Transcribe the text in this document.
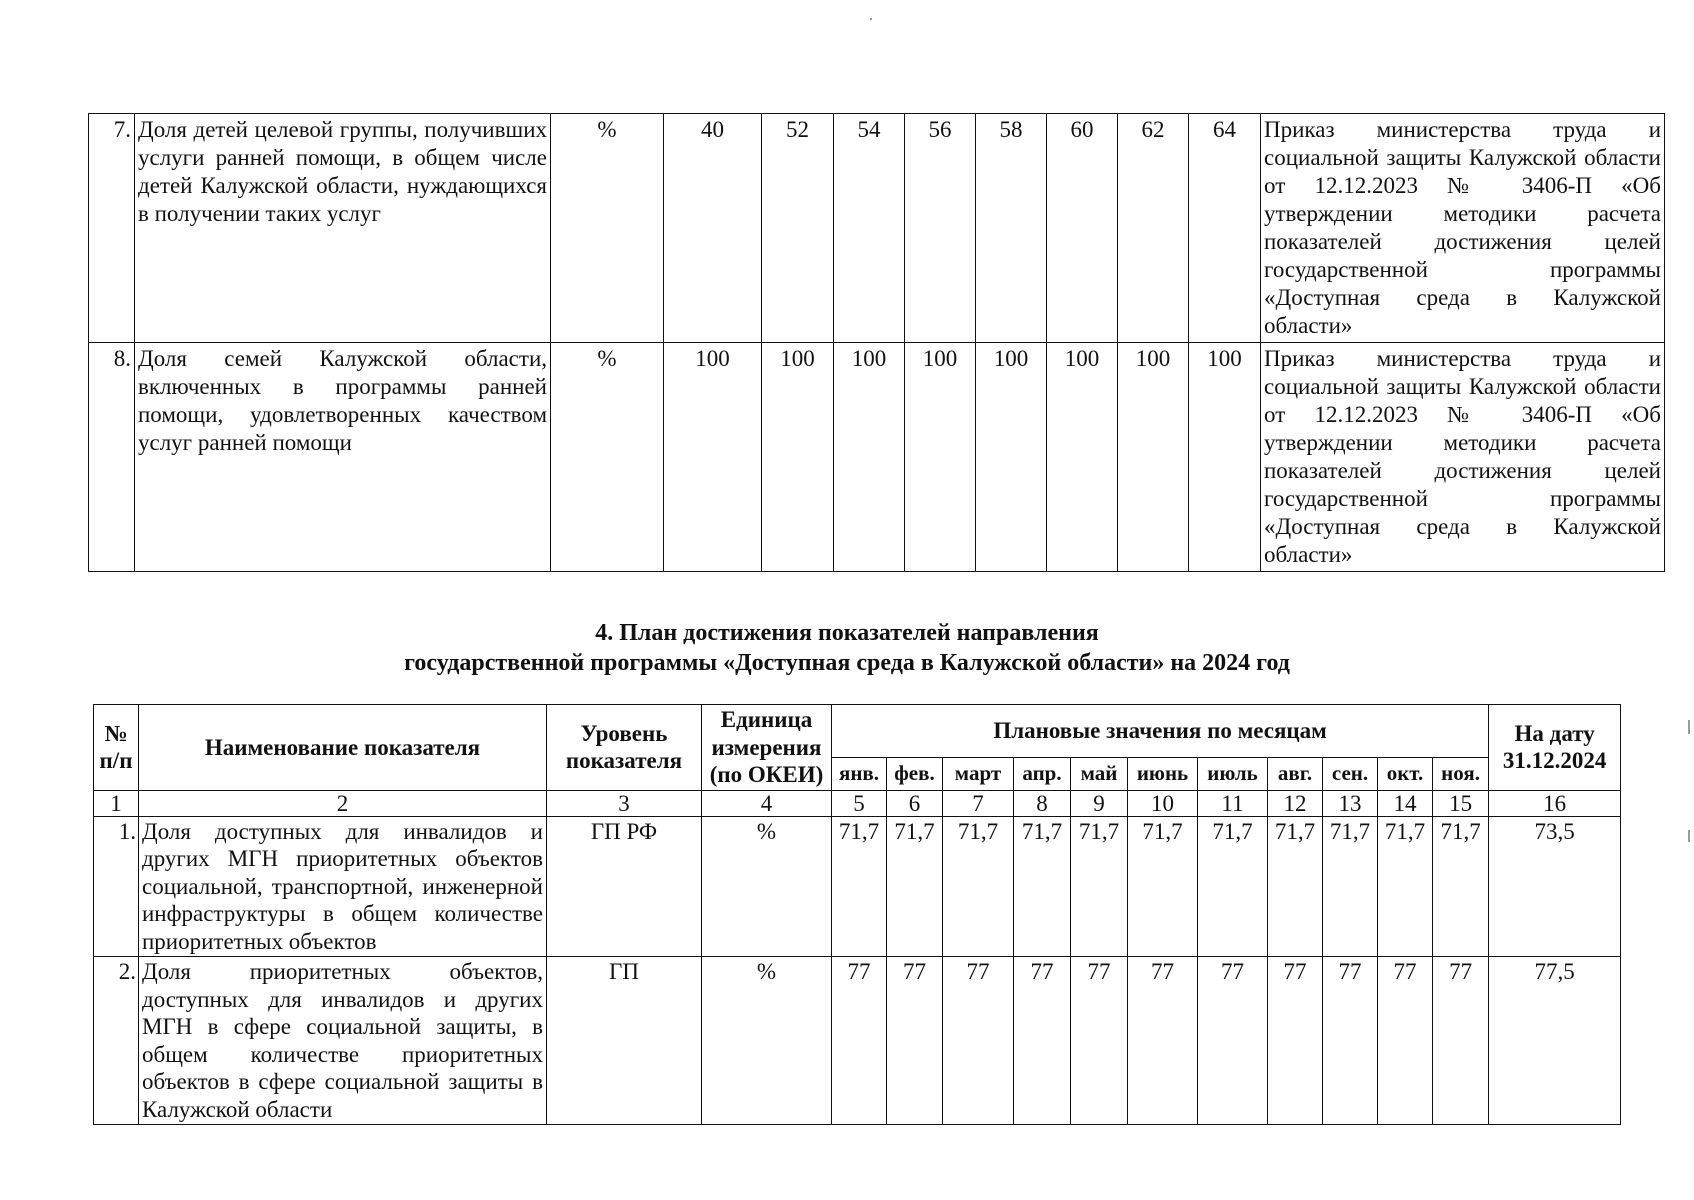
7.	Доля детей целевой группы, получивших услуги ранней помощи, в общем числе детей Калужской области, нуждающихся в получении таких услуг	%	40	52	54	56	58	60	62	64	Приказ министерства труда и социальной защиты Калужской области от 12.12.2023 № 3406-П «Об утверждении методики расчета показателей достижения целей государственной программы «Доступная среда в Калужской области»
8.	Доля семей Калужской области, включенных в программы ранней помощи, удовлетворенных качеством услуг ранней помощи	%	100	100	100	100	100	100	100	100	Приказ министерства труда и социальной защиты Калужской области от 12.12.2023 № 3406-П «Об утверждении методики расчета показателей достижения целей государственной программы «Доступная среда в Калужской области»
4. План достижения показателей направления
государственной программы «Доступная среда в Калужской области» на 2024 год
№ п/п	Наименование показателя	Уровень показателя	Единица измерения (по ОКЕИ)	Плановые значения по месяцам											На дату 31.12.2024
				янв.	фев.	март	апр.	май	июнь	июль	авг.	сен.	окт.	ноя.	
1	2	3	4	5	6	7	8	9	10	11	12	13	14	15	16
1.	Доля доступных для инвалидов и других МГН приоритетных объектов социальной, транспортной, инженерной инфраструктуры в общем количестве приоритетных объектов	ГП РФ	%	71,7	71,7	71,7	71,7	71,7	71,7	71,7	71,7	71,7	71,7	71,7	73,5
2.	Доля приоритетных объектов, доступных для инвалидов и других МГН в сфере социальной защиты, в общем количестве приоритетных объектов в сфере социальной защиты в Калужской области	ГП	%	77	77	77	77	77	77	77	77	77	77	77	77,5
